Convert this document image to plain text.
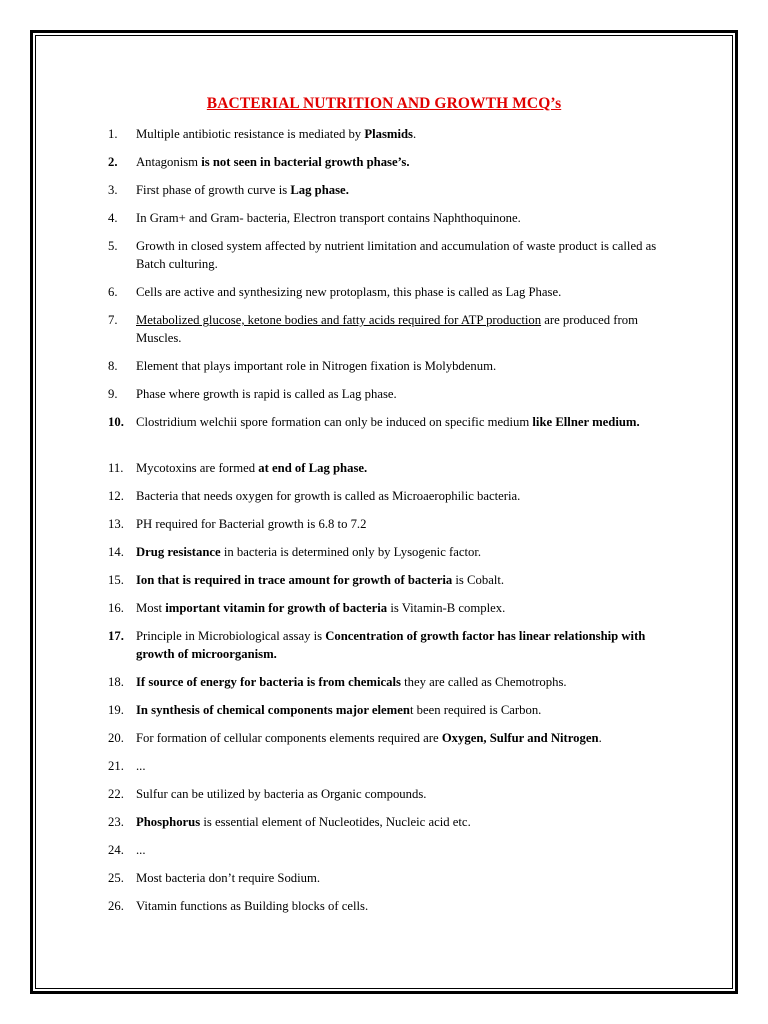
BACTERIAL NUTRITION AND GROWTH MCQ’s
1.	Multiple antibiotic resistance is mediated by Plasmids.
2.	Antagonism is not seen in bacterial growth phase’s.
3.	First phase of growth curve is Lag phase.
4.	In Gram+ and Gram- bacteria, Electron transport contains Naphthoquinone.
5.	Growth in closed system affected by nutrient limitation and accumulation of waste product is called as Batch culturing.
6.	Cells are active and synthesizing new protoplasm, this phase is called as Lag Phase.
7.	Metabolized glucose, ketone bodies and fatty acids required for ATP production are produced from Muscles.
8.	Element that plays important role in Nitrogen fixation is Molybdenum.
9.	Phase where growth is rapid is called as Lag phase.
10. Clostridium welchii spore formation can only be induced on specific medium like Ellner medium.
11. Mycotoxins are formed at end of Lag phase.
12. Bacteria that needs oxygen for growth is called as Microaerophilic bacteria.
13. PH required for Bacterial growth is 6.8 to 7.2
14. Drug resistance in bacteria is determined only by Lysogenic factor.
15. Ion that is required in trace amount for growth of bacteria is Cobalt.
16. Most important vitamin for growth of bacteria is Vitamin-B complex.
17. Principle in Microbiological assay is Concentration of growth factor has linear relationship with growth of microorganism.
18. If source of energy for bacteria is from chemicals they are called as Chemotrophs.
19. In synthesis of chemical components major element been required is Carbon.
20. For formation of cellular components elements required are Oxygen, Sulfur and Nitrogen.
21. ...
22. Sulfur can be utilized by bacteria as Organic compounds.
23. Phosphorus is essential element of Nucleotides, Nucleic acid etc.
24. ...
25. Most bacteria don’t require Sodium.
26. Vitamin functions as Building blocks of cells.
